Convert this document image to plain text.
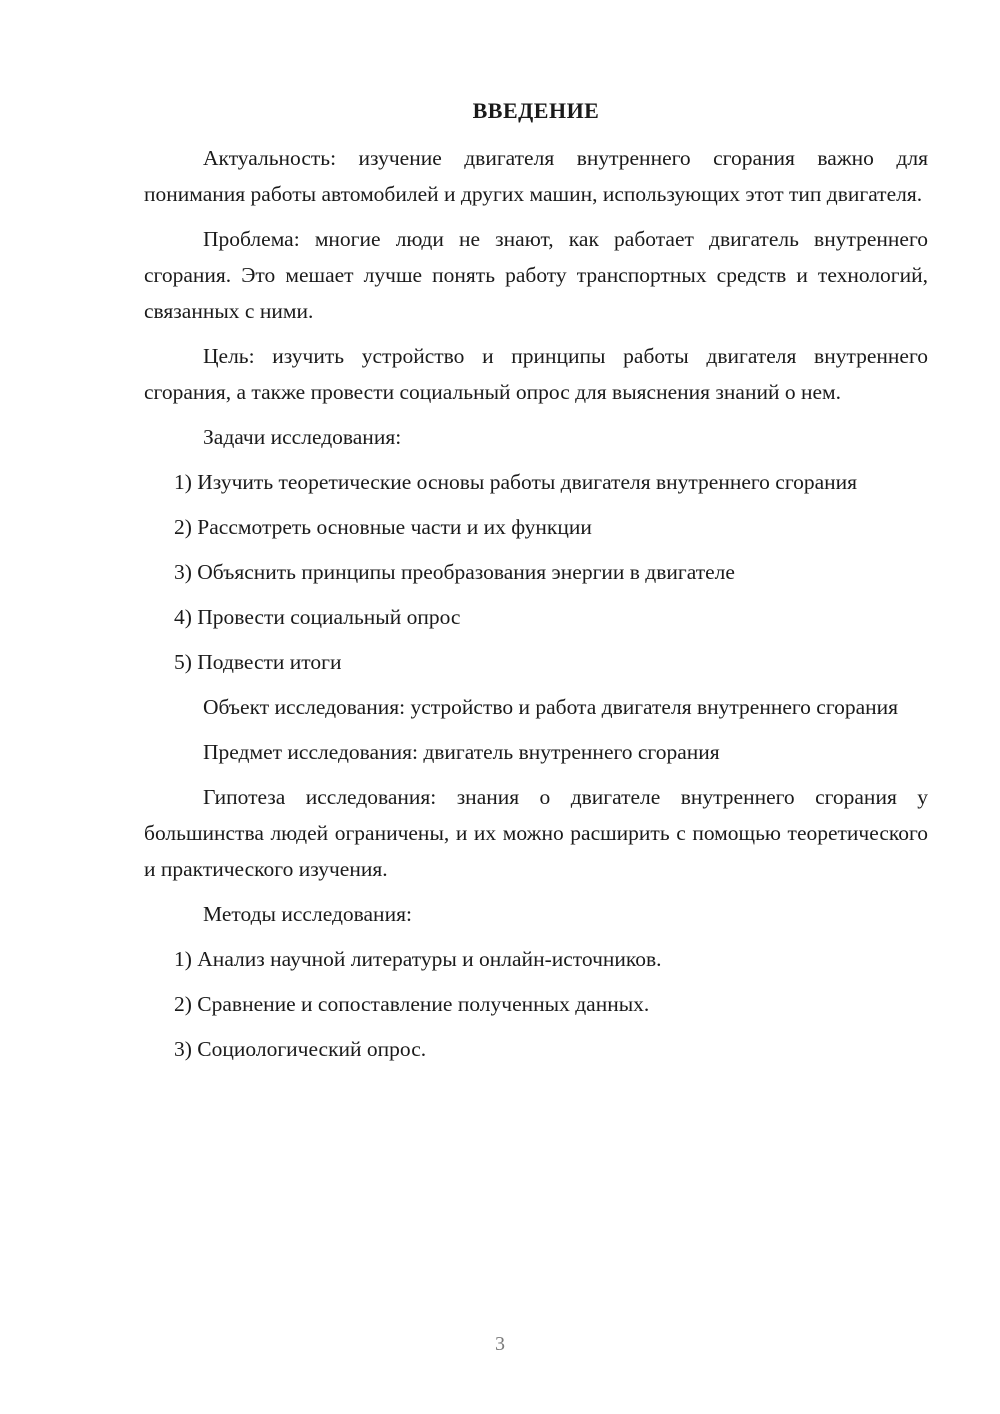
ВВЕДЕНИЕ

Актуальность: изучение двигателя внутреннего сгорания важно для понимания работы автомобилей и других машин, использующих этот тип двигателя.

Проблема: многие люди не знают, как работает двигатель внутреннего сгорания. Это мешает лучше понять работу транспортных средств и технологий, связанных с ними.

Цель: изучить устройство и принципы работы двигателя внутреннего сгорания, а также провести социальный опрос для выяснения знаний о нем.

Задачи исследования:

1) Изучить теоретические основы работы двигателя внутреннего сгорания

2) Рассмотреть основные части и их функции

3) Объяснить принципы преобразования энергии в двигателе

4) Провести социальный опрос

5) Подвести итоги

Объект исследования: устройство и работа двигателя внутреннего сгорания

Предмет исследования: двигатель внутреннего сгорания

Гипотеза исследования: знания о двигателе внутреннего сгорания у большинства людей ограничены, и их можно расширить с помощью теоретического и практического изучения.

Методы исследования:

1) Анализ научной литературы и онлайн-источников.

2) Сравнение и сопоставление полученных данных.

3) Социологический опрос.

3
